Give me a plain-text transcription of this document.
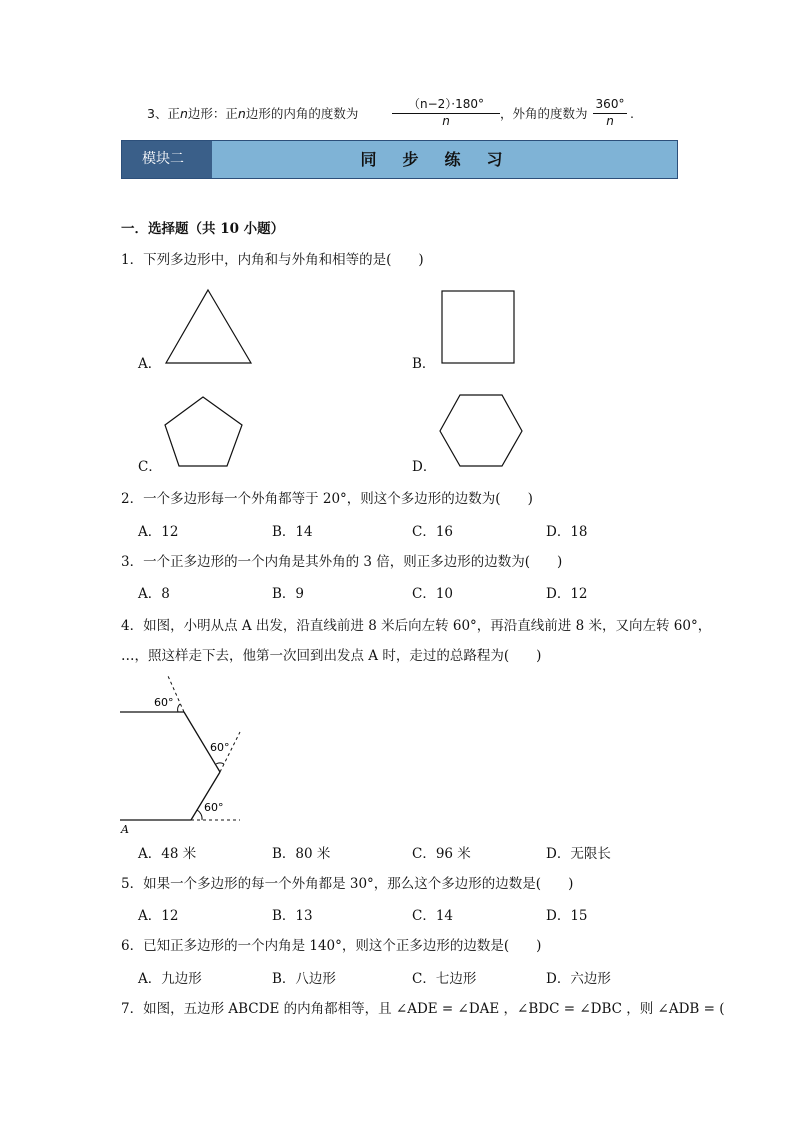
3、正n边形：正n边形的内角的度数为	$\frac{(n-2)\cdot 180^\circ}{n}$ ，外角的度数为 $\frac{360^\circ}{n}$ .
模块二	同步练习
一．选择题（共 10 小题）
1．下列多边形中，内角和与外角和相等的是(　　)
A．	B．
C．	D．
2．一个多边形每一个外角都等于 20°，则这个多边形的边数为(　　)
A．12	B．14	C．16	D．18
3．一个正多边形的一个内角是其外角的 3 倍，则正多边形的边数为(　　)
A．8	B．9	C．10	D．12
4．如图，小明从点 A 出发，沿直线前进 8 米后向左转 60°，再沿直线前进 8 米，又向左转 60°，
…，照这样走下去，他第一次回到出发点 A 时，走过的总路程为(　　)
60°
60°
60°
A
A．48 米	B．80 米	C．96 米	D．无限长
5．如果一个多边形的每一个外角都是 30°，那么这个多边形的边数是(　　)
A．12	B．13	C．14	D．15
6．已知正多边形的一个内角是 140°，则这个正多边形的边数是(　　)
A．九边形	B．八边形	C．七边形	D．六边形
7．如图，五边形 ABCDE 的内角都相等，且 ∠ADE = ∠DAE ，∠BDC = ∠DBC ，则 ∠ADB = (
